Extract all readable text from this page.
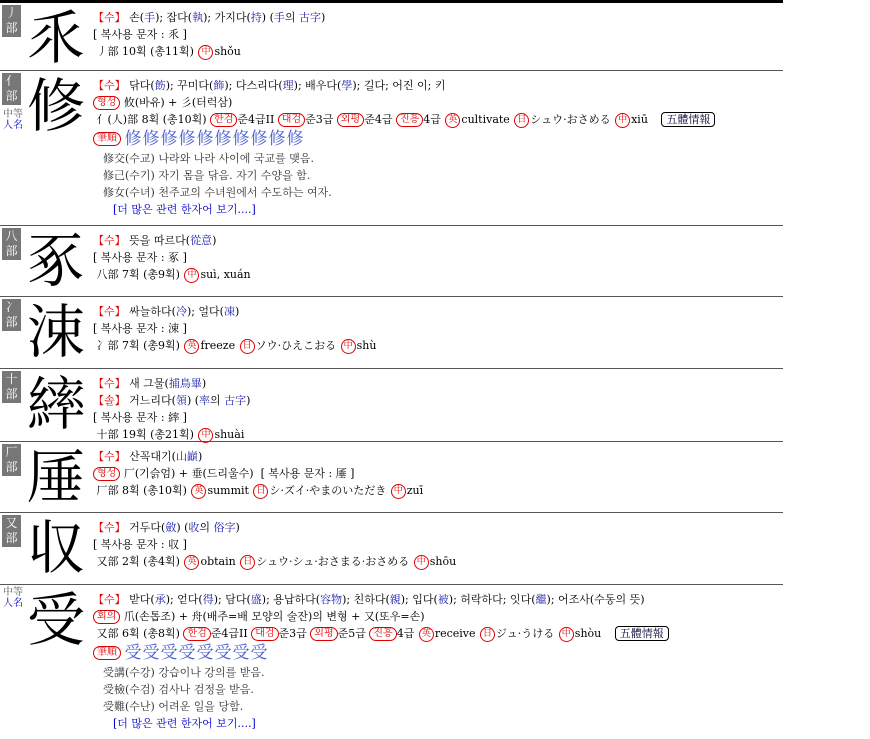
丿
部 乑 【수】 손(手); 잡다(執); 가지다(持) (手의 古字)
[ 복사용 문자 : 乑 ]
丿部 10획 (총11획) 中 shǒu
亻
部
中等
人名 修 【수】 닦다(飭); 꾸미다(飾); 다스리다(理); 배우다(學); 길다; 어진 이; 키
형성 攸(바유) + 彡(터럭삼)
亻(人)部 8획 (총10획) 한검 준4급II 대검 준3급 외평 준4급 진흥 4급 英 cultivate 日 シュウ·おさめる 中 xiū 五體情報
筆順 修修修修修修修修修修
修交(수교) 나라와 나라 사이에 국교를 맺음.
修己(수기) 자기 몸을 닦음. 자기 수양을 함.
修女(수녀) 천주교의 수녀원에서 수도하는 여자.
[더 많은 관련 한자어 보기....]
八
部 豖 【수】 뜻을 따르다(從意)
[ 복사용 문자 : 豖 ]
八部 7획 (총9획) 中 suì, xuán
冫
部 涑 【수】 싸늘하다(冷); 얼다(凍)
[ 복사용 문자 : 涑 ]
冫部 7획 (총9획) 英 freeze 日 ソウ·ひえこおる 中 shù
十
部 繂 【수】 새 그물(捕鳥畢)
【솔】 거느리다(領) (率의 古字)
[ 복사용 문자 : 繂 ]
十部 19획 (총21획) 中 shuài
厂
部 厜 【수】 산꼭대기(山巓)
형성 厂(기슭엄) + 垂(드리울수)  [ 복사용 문자 : 厜 ]
厂部 8획 (총10획) 英 summit 日 シ·ズイ·やまのいただき 中 zuī
又
部 収 【수】 거두다(斂) (收의 俗字)
[ 복사용 문자 : 収 ]
又部 2획 (총4획) 英 obtain 日 シュウ·シュ·おさまる·おさめる 中 shōu
中等
人名 受 【수】 받다(承); 얻다(得); 담다(盛); 용납하다(容物); 친하다(親); 입다(被); 허락하다; 잇다(繼); 어조사(수동의 뜻)
회의 爪(손톱조) + 舟(배주=배 모양의 술잔)의 변형 + 又(또우=손)
又部 6획 (총8획) 한검 준4급II 대검 준3급 외평 준5급 진흥 4급 英 receive 日 ジュ·うける 中 shòu 五體情報
筆順 受受受受受受受受
受講(수강) 강습이나 강의를 받음.
受檢(수검) 검사나 검정을 받음.
受難(수난) 어려운 일을 당함.
[더 많은 관련 한자어 보기....]
